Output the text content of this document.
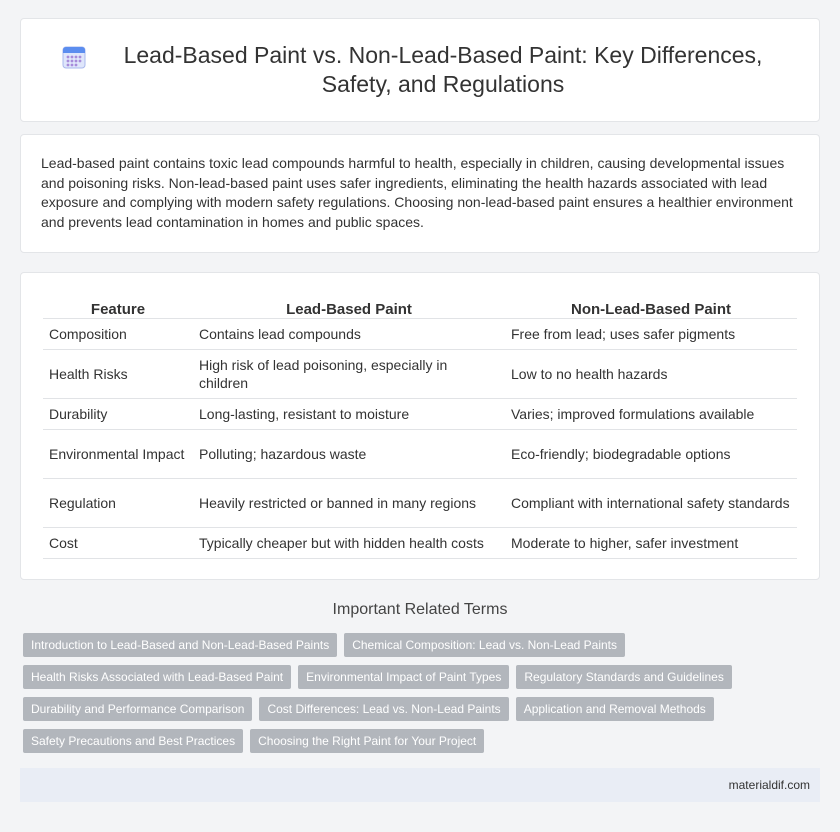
Lead-Based Paint vs. Non-Lead-Based Paint: Key Differences, Safety, and Regulations

Lead-based paint contains toxic lead compounds harmful to health, especially in children, causing developmental issues and poisoning risks. Non-lead-based paint uses safer ingredients, eliminating the health hazards associated with lead exposure and complying with modern safety regulations. Choosing non-lead-based paint ensures a healthier environment and prevents lead contamination in homes and public spaces.

Feature	Lead-Based Paint	Non-Lead-Based Paint
Composition	Contains lead compounds	Free from lead; uses safer pigments
Health Risks	High risk of lead poisoning, especially in children	Low to no health hazards
Durability	Long-lasting, resistant to moisture	Varies; improved formulations available
Environmental Impact	Polluting; hazardous waste	Eco-friendly; biodegradable options
Regulation	Heavily restricted or banned in many regions	Compliant with international safety standards
Cost	Typically cheaper but with hidden health costs	Moderate to higher, safer investment
Important Related Terms
Introduction to Lead-Based and Non-Lead-Based Paints	Chemical Composition: Lead vs. Non-Lead Paints
Health Risks Associated with Lead-Based Paint	Environmental Impact of Paint Types	Regulatory Standards and Guidelines
Durability and Performance Comparison	Cost Differences: Lead vs. Non-Lead Paints	Application and Removal Methods
Safety Precautions and Best Practices	Choosing the Right Paint for Your Project
materialdif.com
